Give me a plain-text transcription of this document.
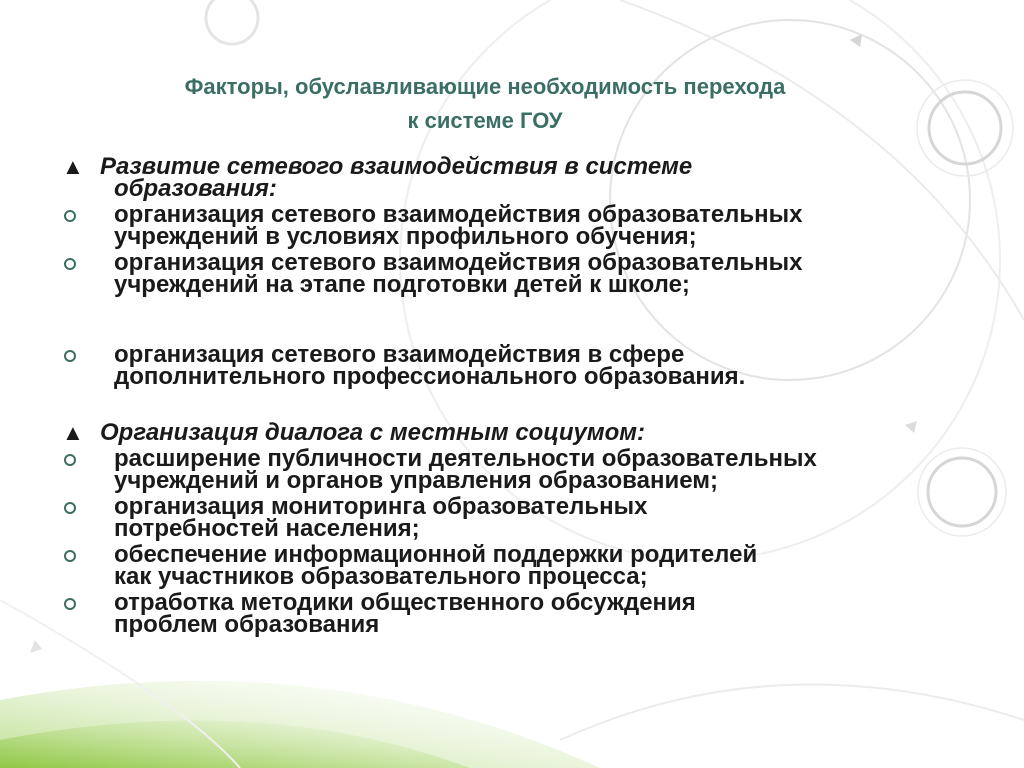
Факторы, обуславливающие необходимость перехода
к системе ГОУ
▲ Развитие сетевого взаимодействия в системе
образования:
организация сетевого взаимодействия образовательных
учреждений в условиях профильного обучения;
организация сетевого взаимодействия образовательных
учреждений на этапе подготовки детей к школе;
организация сетевого взаимодействия в сфере
дополнительного профессионального образования.
▲ Организация диалога с местным социумом:
расширение публичности деятельности образовательных
учреждений и органов управления образованием;
организация мониторинга образовательных
потребностей населения;
обеспечение информационной поддержки родителей
как участников образовательного процесса;
отработка методики общественного обсуждения
проблем образования
